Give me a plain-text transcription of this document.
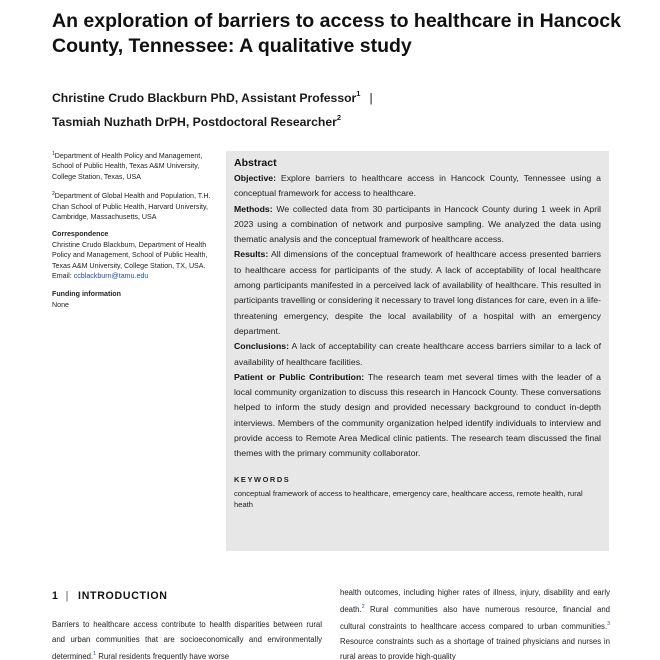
An exploration of barriers to access to healthcare in Hancock County, Tennessee: A qualitative study
Christine Crudo Blackburn PhD, Assistant Professor$^1$ |
Tasmiah Nuzhath DrPH, Postdoctoral Researcher$^2$
$^1$Department of Health Policy and Management, School of Public Health, Texas A&M University, College Station, Texas, USA
$^2$Department of Global Health and Population, T.H. Chan School of Public Health, Harvard University, Cambridge, Massachusetts, USA
Correspondence
Christine Crudo Blackburn, Department of Health Policy and Management, School of Public Health, Texas A&M University, College Station, TX, USA.
Email: ccblackburn@tamu.edu
Funding information
None
Abstract
Objective: Explore barriers to healthcare access in Hancock County, Tennessee using a conceptual framework for access to healthcare.
Methods: We collected data from 30 participants in Hancock County during 1 week in April 2023 using a combination of network and purposive sampling. We analyzed the data using thematic analysis and the conceptual framework of healthcare access.
Results: All dimensions of the conceptual framework of healthcare access presented barriers to healthcare access for participants of the study. A lack of acceptability of local healthcare among participants manifested in a perceived lack of availability of healthcare. This resulted in participants travelling or considering it necessary to travel long distances for care, even in a life-threatening emergency, despite the local availability of a hospital with an emergency department.
Conclusions: A lack of acceptability can create healthcare access barriers similar to a lack of availability of healthcare facilities.
Patient or Public Contribution: The research team met several times with the leader of a local community organization to discuss this research in Hancock County. These conversations helped to inform the study design and provided necessary background to conduct in-depth interviews. Members of the community organization helped identify individuals to interview and provide access to Remote Area Medical clinic patients. The research team discussed the final themes with the primary community collaborator.
KEYWORDS
conceptual framework of access to healthcare, emergency care, healthcare access, remote health, rural heath
1 | INTRODUCTION
Barriers to healthcare access contribute to health disparities between rural and urban communities that are socioeconomically and environmentally determined.$^1$ Rural residents frequently have worse
health outcomes, including higher rates of illness, injury, disability and early death.$^2$ Rural communities also have numerous resource, financial and cultural constraints to healthcare access compared to urban communities.$^3$ Resource constraints such as a shortage of trained physicians and nurses in rural areas to provide high-quality
